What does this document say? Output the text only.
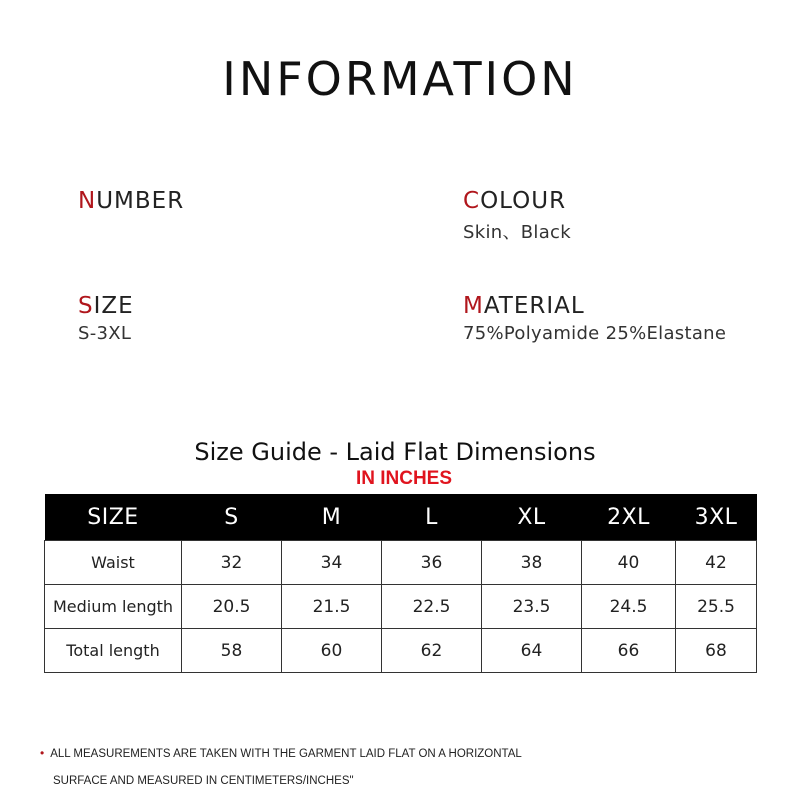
INFORMATION
NUMBER	COLOUR
Skin、Black
SIZE
S-3XL
MATERIAL
75%Polyamide 25%Elastane
Size Guide - Laid Flat Dimensions
IN INCHES
SIZE	S	M	L	XL	2XL	3XL
Waist	32	34	36	38	40	42
Medium length	20.5	21.5	22.5	23.5	24.5	25.5
Total length	58	60	62	64	66	68
• ALL MEASUREMENTS ARE TAKEN WITH THE GARMENT LAID FLAT ON A HORIZONTAL
SURFACE AND MEASURED IN CENTIMETERS/INCHES"
